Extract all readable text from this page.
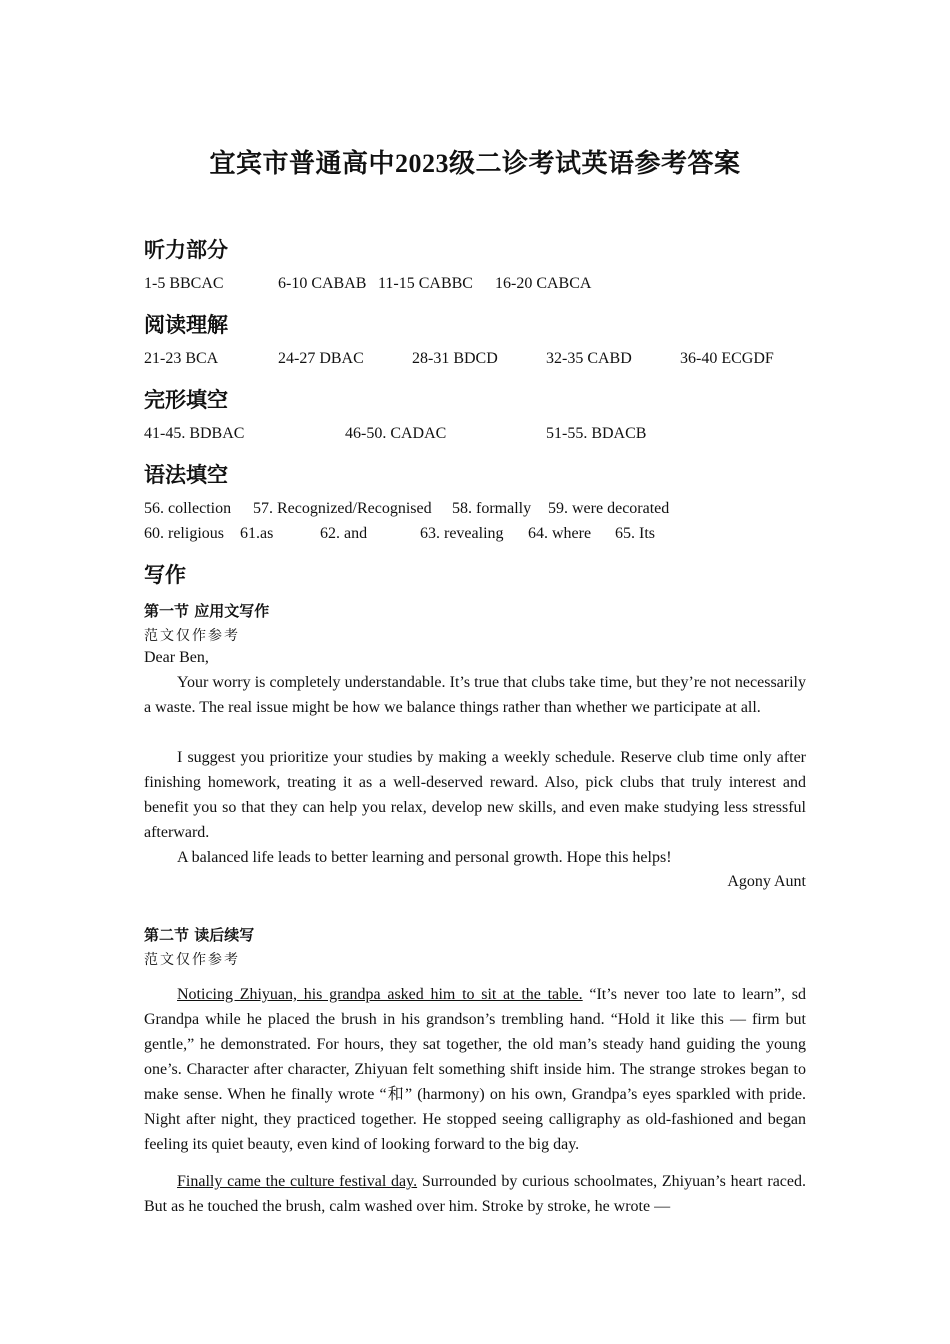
宜宾市普通高中2023级二诊考试英语参考答案
听力部分
1-5 BBCAC	6-10 CABAB 11-15 CABBC 16-20 CABCA
阅读理解
21-23 BCA	24-27 DBAC	28-31 BDCD	32-35 CABD	36-40 ECGDF
完形填空
41-45. BDBAC	46-50. CADAC	51-55. BDACB
语法填空
56. collection 57. Recognized/Recognised 58. formally 59. were decorated
60. religious 61.as	62. and	63. revealing 64. where 65. Its
写作
第一节 应用文写作
范文仅作参考
Dear Ben,
Your worry is completely understandable. It’s true that clubs take time, but they’re not necessarily a waste. The real issue might be how we balance things rather than whether we participate at all.
I suggest you prioritize your studies by making a weekly schedule. Reserve club time only after finishing homework, treating it as a well-deserved reward. Also, pick clubs that truly interest and benefit you so that they can help you relax, develop new skills, and even make studying less stressful afterward.
A balanced life leads to better learning and personal growth. Hope this helps!
Agony Aunt
第二节 读后续写
范文仅作参考
Noticing Zhiyuan, his grandpa asked him to sit at the table. “It’s never too late to learn”, sd Grandpa while he placed the brush in his grandson’s trembling hand. “Hold it like this — firm but gentle,” he demonstrated. For hours, they sat together, the old man’s steady hand guiding the young one’s. Character after character, Zhiyuan felt something shift inside him. The strange strokes began to make sense. When he finally wrote “和” (harmony) on his own, Grandpa’s eyes sparkled with pride. Night after night, they practiced together. He stopped seeing calligraphy as old-fashioned and began feeling its quiet beauty, even kind of looking forward to the big day.
Finally came the culture festival day. Surrounded by curious schoolmates, Zhiyuan’s heart raced. But as he touched the brush, calm washed over him. Stroke by stroke, he wrote —
